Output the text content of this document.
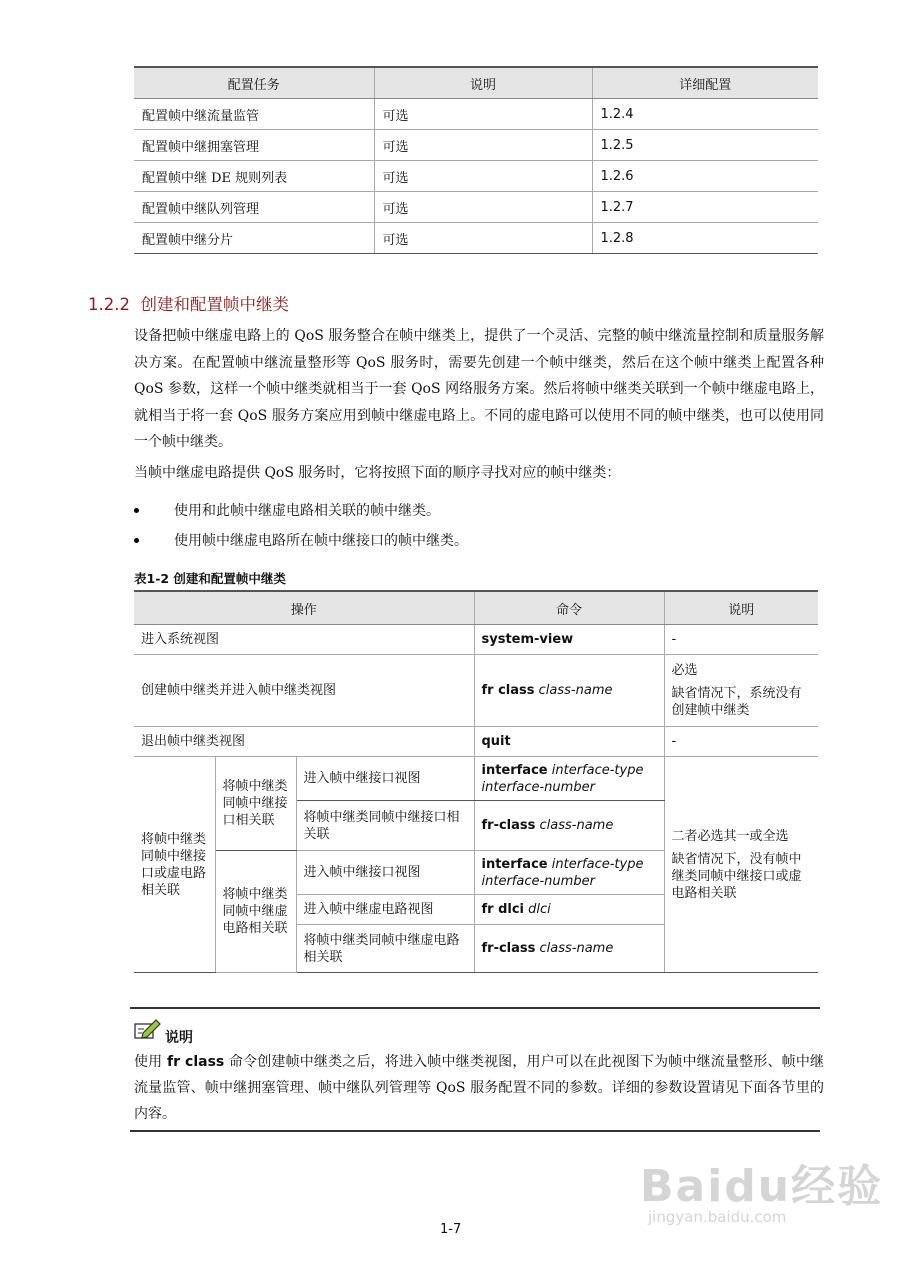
配置任务	说明	详细配置
配置帧中继流量监管	可选	1.2.4
配置帧中继拥塞管理	可选	1.2.5
配置帧中继 DE 规则列表	可选	1.2.6
配置帧中继队列管理	可选	1.2.7
配置帧中继分片	可选	1.2.8
1.2.2 创建和配置帧中继类
设备把帧中继虚电路上的 QoS 服务整合在帧中继类上，提供了一个灵活、完整的帧中继流量控制和质量服务解决方案。在配置帧中继流量整形等 QoS 服务时，需要先创建一个帧中继类，然后在这个帧中继类上配置各种 QoS 参数，这样一个帧中继类就相当于一套 QoS 网络服务方案。然后将帧中继类关联到一个帧中继虚电路上，就相当于将一套 QoS 服务方案应用到帧中继虚电路上。不同的虚电路可以使用不同的帧中继类，也可以使用同一个帧中继类。
当帧中继虚电路提供 QoS 服务时，它将按照下面的顺序寻找对应的帧中继类：
使用和此帧中继虚电路相关联的帧中继类。
使用帧中继虚电路所在帧中继接口的帧中继类。
表1-2 创建和配置帧中继类
操作			命令	说明
进入系统视图			system-view	-
创建帧中继类并进入帧中继类视图			fr class class-name	必选
缺省情况下，系统没有创建帧中继类

退出帧中继类视图			quit	-
将帧中继类同帧中继接口或虚电路相关联	将帧中继类同帧中继接口相关联	进入帧中继接口视图	interface interface-type interface-number	二者必选其一或全选
缺省情况下，没有帧中继类同帧中继接口或虚电路相关联

		将帧中继类同帧中继接口相关联	fr-class class-name	
	将帧中继类同帧中继虚电路相关联	进入帧中继接口视图	interface interface-type interface-number	
		进入帧中继虚电路视图	fr dlci dlci	
		将帧中继类同帧中继虚电路相关联	fr-class class-name	
说明
使用 fr class 命令创建帧中继类之后，将进入帧中继类视图，用户可以在此视图下为帧中继流量整形、帧中继流量监管、帧中继拥塞管理、帧中继队列管理等 QoS 服务配置不同的参数。详细的参数设置请见下面各节里的内容。
1-7
Baidu经验
jingyan.baidu.com
